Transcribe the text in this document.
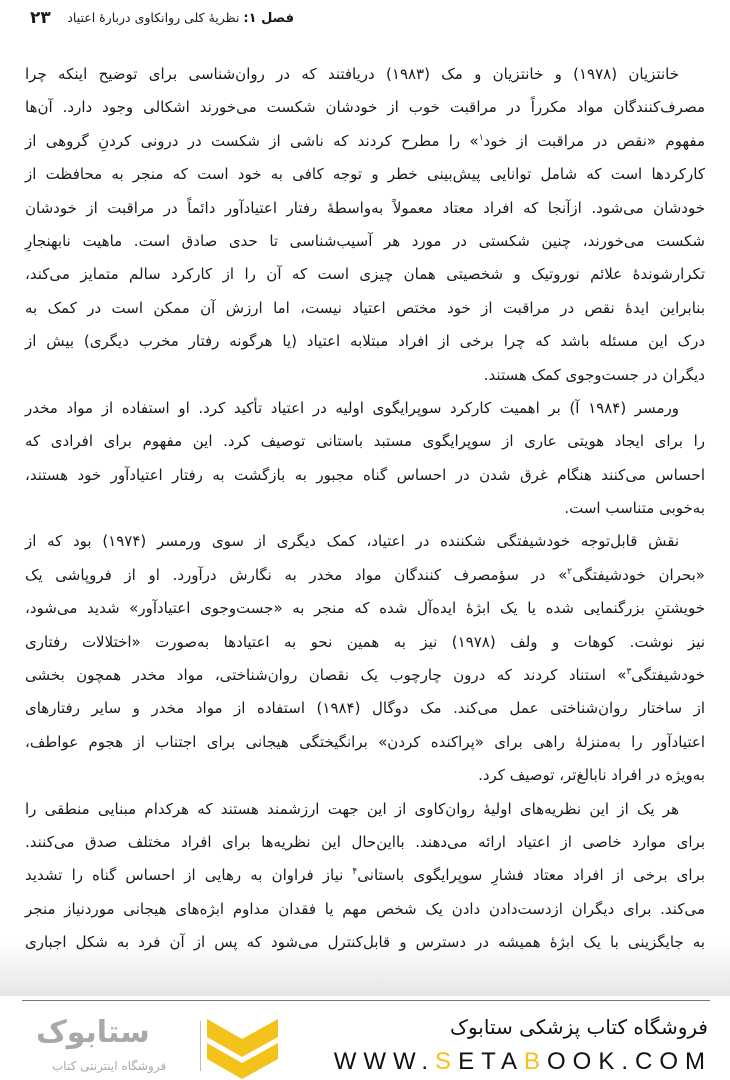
۲۳	فصل ۱: نظریهٔ کلی روانکاوی دربارهٔ اعتیاد
خانتزیان (۱۹۷۸) و خانتزیان و مک (۱۹۸۳) دریافتند که در روان‌شناسی برای توضیح اینکه چرا
مصرف‌کنندگان مواد مکرراً در مراقبت خوب از خودشان شکست می‌خورند اشکالی وجود دارد. آن‌ها
مفهوم «نقص در مراقبت از خود$^۱$» را مطرح کردند که ناشی از شکست در درونی کردنِ گروهی از
کارکردها است که شامل توانایی پیش‌بینی خطر و توجه کافی به خود است که منجر به محافظت از
خودشان می‌شود. ازآنجا که افراد معتاد معمولاً به‌واسطهٔ رفتار اعتیادآور دائماً در مراقبت از خودشان
شکست می‌خورند، چنین شکستی در مورد هر آسیب‌شناسی تا حدی صادق است. ماهیت نابهنجارِ
تکرارشوندهٔ علائم نوروتیک و شخصیتی همان چیزی است که آن را از کارکرد سالم متمایز می‌کند،
بنابراین ایدهٔ نقص در مراقبت از خود مختص اعتیاد نیست، اما ارزش آن ممکن است در کمک به
درک این مسئله باشد که چرا برخی از افراد مبتلابه اعتیاد (یا هرگونه رفتار مخرب دیگری) بیش از
دیگران در جست‌وجوی کمک هستند.
ورمسر (۱۹۸۴ آ) بر اهمیت کارکرد سوپرایگوی اولیه در اعتیاد تأکید کرد. او استفاده از مواد مخدر
را برای ایجاد هویتی عاری از سوپرایگوی مستبد باستانی توصیف کرد. این مفهوم برای افرادی که
احساس می‌کنند هنگام غرق شدن در احساس گناه مجبور به بازگشت به رفتار اعتیادآور خود هستند،
به‌خوبی متناسب است.
نقش قابل‌توجه خودشیفتگی شکننده در اعتیاد، کمک دیگری از سوی ورمسر (۱۹۷۴) بود که از
«بحران خودشیفتگی$^۲$» در سؤمصرف کنندگان مواد مخدر به نگارش درآورد. او از فروپاشی یک
خویشتنِ بزرگنمایی شده یا یک ابژهٔ ایده‌آل شده که منجر به «جست‌وجوی اعتیادآور» شدید می‌شود،
نیز نوشت. کوهات و ولف (۱۹۷۸) نیز به همین نحو به اعتیادها به‌صورت «اختلالات رفتاری
خودشیفتگی$^۳$» استناد کردند که درون چارچوب یک نقصان روان‌شناختی، مواد مخدر همچون بخشی
از ساختار روان‌شناختی عمل می‌کند. مک دوگال (۱۹۸۴) استفاده از مواد مخدر و سایر رفتارهای
اعتیادآور را به‌منزلهٔ راهی برای «پراکنده کردن» برانگیختگی هیجانی برای اجتناب از هجوم عواطف،
به‌ویژه در افراد نابالغ‌تر، توصیف کرد.
هر یک از این نظریه‌های اولیهٔ روان‌کاوی از این جهت ارزشمند هستند که هرکدام مبنایی منطقی را
برای موارد خاصی از اعتیاد ارائه می‌دهند. بااین‌حال این نظریه‌ها برای افراد مختلف صدق می‌کنند.
برای برخی از افراد معتاد فشارِ سوپرایگوی باستانی$^۴$ نیاز فراوان به رهایی از احساس گناه را تشدید
می‌کند. برای دیگران ازدست‌دادن دادن یک شخص مهم یا فقدان مداوم ابژه‌های هیجانی موردنیاز منجر
به جایگزینی با یک ابژهٔ همیشه در دسترس و قابل‌کنترل می‌شود که پس از آن فرد به شکل اجباری
ستابوک
فروشگاه اینترنتی کتاب
فروشگاه کتاب پزشکی ستابوک
WWW.SETABOOK.COM
